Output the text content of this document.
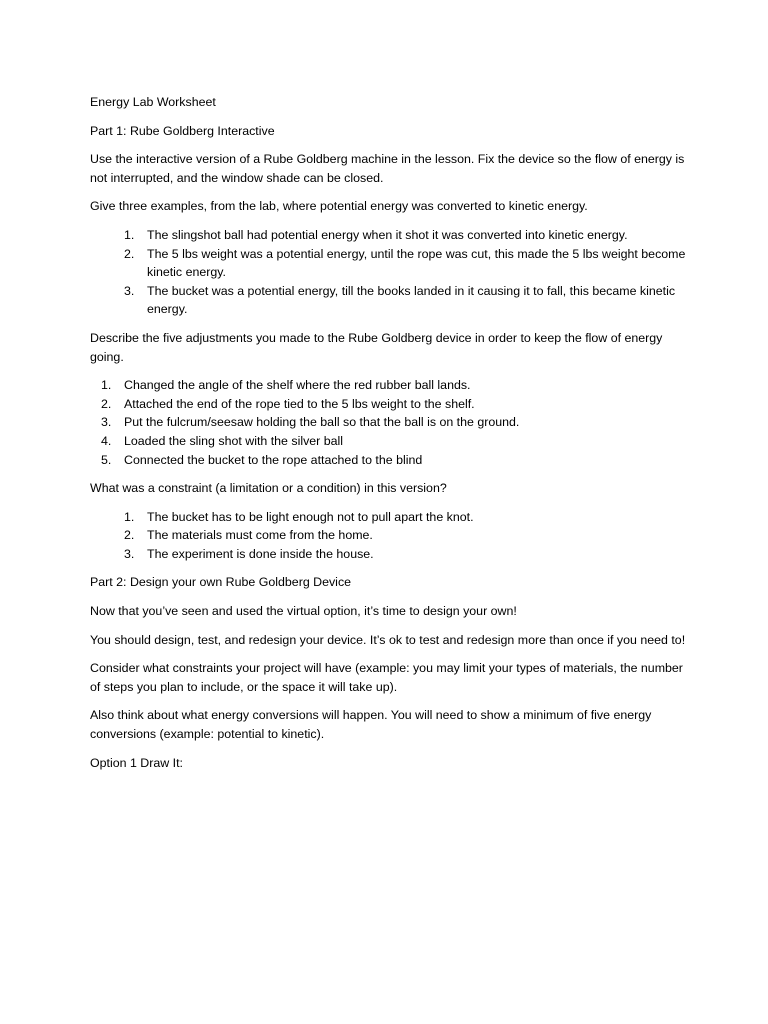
Energy Lab Worksheet

Part 1: Rube Goldberg Interactive

Use the interactive version of a Rube Goldberg machine in the lesson. Fix the device so the flow of energy is not interrupted, and the window shade can be closed.

Give three examples, from the lab, where potential energy was converted to kinetic energy.

1. The slingshot ball had potential energy when it shot it was converted into kinetic energy.
2. The 5 lbs weight was a potential energy, until the rope was cut, this made the 5 lbs weight become kinetic energy.
3. The bucket was a potential energy, till the books landed in it causing it to fall, this became kinetic energy.

Describe the five adjustments you made to the Rube Goldberg device in order to keep the flow of energy going.

1. Changed the angle of the shelf where the red rubber ball lands.
2. Attached the end of the rope tied to the 5 lbs weight to the shelf.
3. Put the fulcrum/seesaw holding the ball so that the ball is on the ground.
4. Loaded the sling shot with the silver ball
5. Connected the bucket to the rope attached to the blind

What was a constraint (a limitation or a condition) in this version?

1. The bucket has to be light enough not to pull apart the knot.
2. The materials must come from the home.
3. The experiment is done inside the house.

Part 2: Design your own Rube Goldberg Device

Now that you’ve seen and used the virtual option, it’s time to design your own!

You should design, test, and redesign your device. It’s ok to test and redesign more than once if you need to!

Consider what constraints your project will have (example: you may limit your types of materials, the number of steps you plan to include, or the space it will take up).

Also think about what energy conversions will happen. You will need to show a minimum of five energy conversions (example: potential to kinetic).

Option 1 Draw It:
